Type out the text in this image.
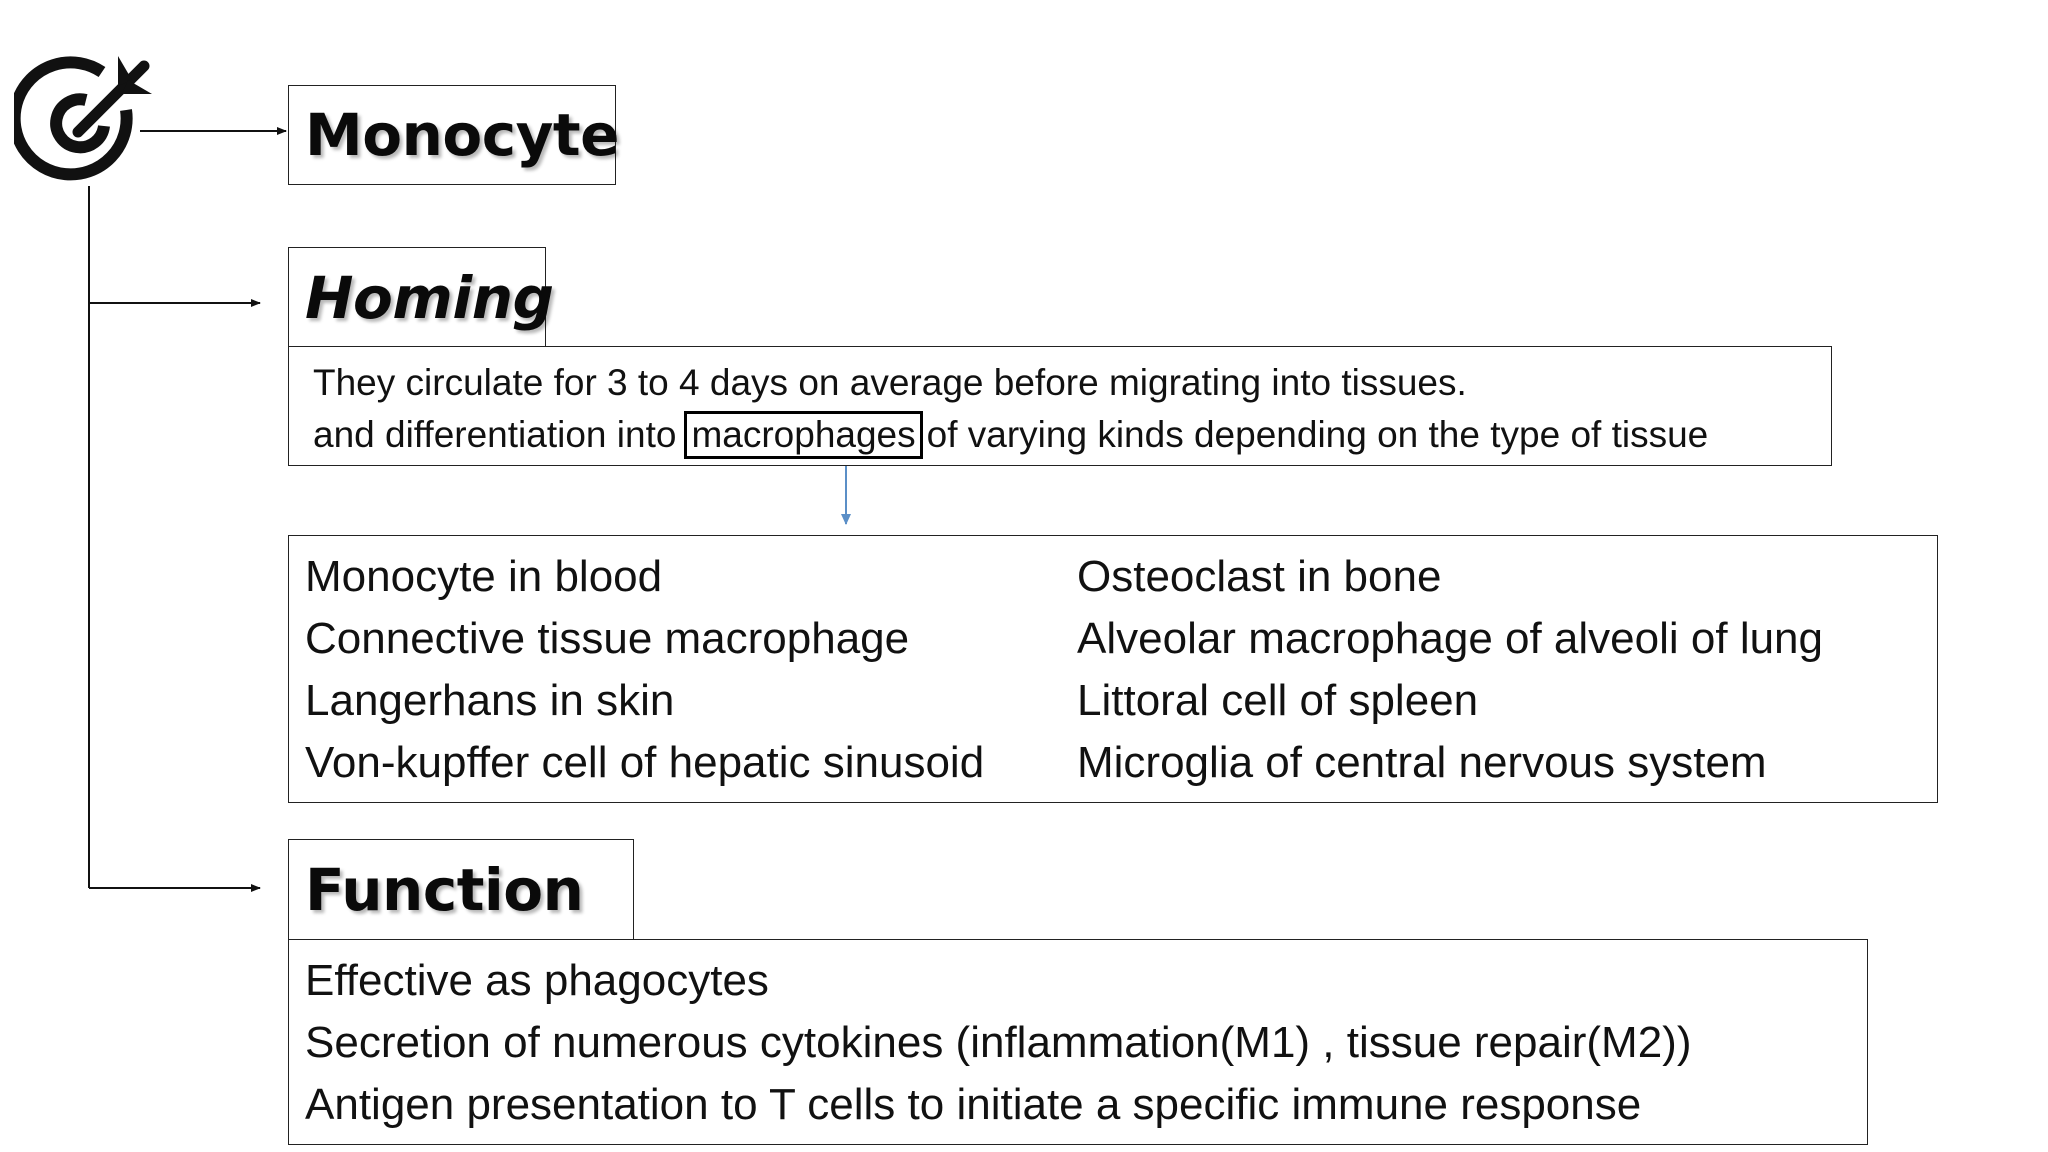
Monocyte
Homing
They circulate for 3 to 4 days on average before migrating into tissues.
and differentiation into macrophages of varying kinds depending on the type of tissue
Monocyte in blood	Osteoclast in bone
Connective tissue macrophage	Alveolar macrophage of alveoli of lung
Langerhans in skin	Littoral cell of spleen
Von-kupffer cell of hepatic sinusoid	Microglia of central nervous system
Function
Effective as phagocytes
Secretion of numerous cytokines (inflammation(M1) , tissue repair(M2))
Antigen presentation to T cells to initiate a specific immune response
